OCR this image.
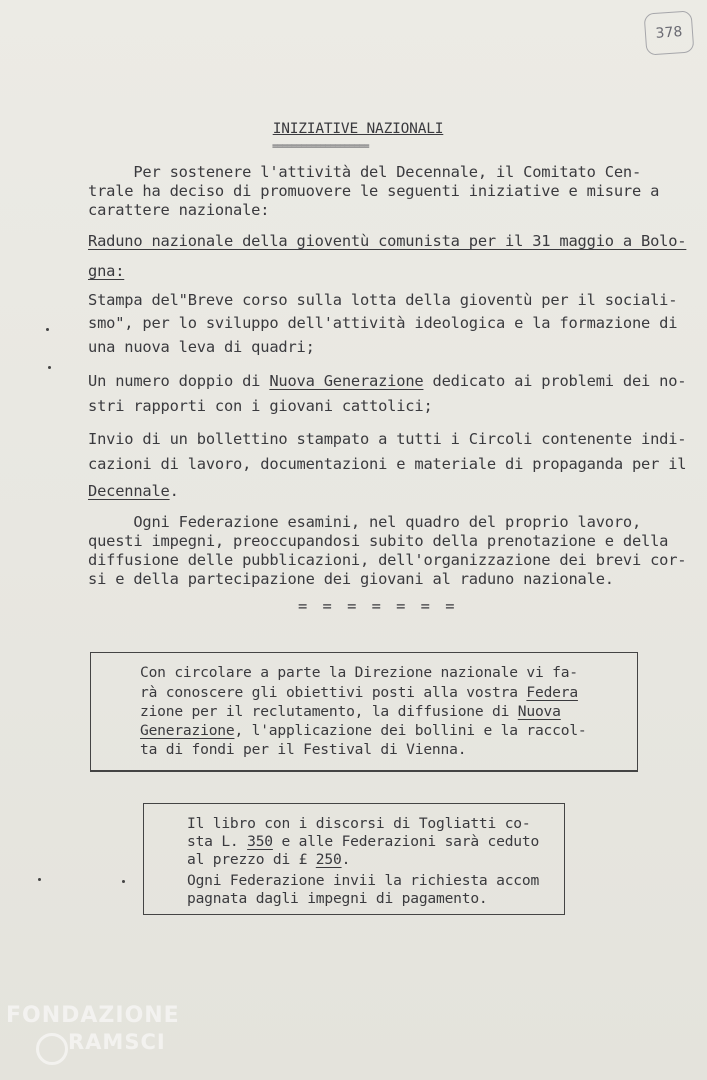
378
INIZIATIVE NAZIONALI
====================
Per sostenere l'attività del Decennale, il Comitato Cen-
trale ha deciso di promuovere le seguenti iniziative e misure a
carattere nazionale:
Raduno nazionale della gioventù comunista per il 31 maggio a Bolo-
gna:
Stampa del"Breve corso sulla lotta della gioventù per il sociali-
smo", per lo sviluppo dell'attività ideologica e la formazione di
una nuova leva di quadri;
Un numero doppio di Nuova Generazione dedicato ai problemi dei no-
stri rapporti con i giovani cattolici;
Invio di un bollettino stampato a tutti i Circoli contenente indi-
cazioni di lavoro, documentazioni e materiale di propaganda per il
Decennale.
Ogni Federazione esamini, nel quadro del proprio lavoro,
questi impegni, preoccupandosi subito della prenotazione e della
diffusione delle pubblicazioni, dell'organizzazione dei brevi cor-
si e della partecipazione dei giovani al raduno nazionale.
= = = = = = =
Con circolare a parte la Direzione nazionale vi fa-
rà conoscere gli obiettivi posti alla vostra Federa
zione per il reclutamento, la diffusione di Nuova
Generazione, l'applicazione dei bollini e la raccol-
ta di fondi per il Festival di Vienna.
Il libro con i discorsi di Togliatti co-
sta L. 350 e alle Federazioni sarà ceduto
al prezzo di £ 250.
Ogni Federazione invii la richiesta accom
pagnata dagli impegni di pagamento.
FONDAZIONE
RAMSCI
